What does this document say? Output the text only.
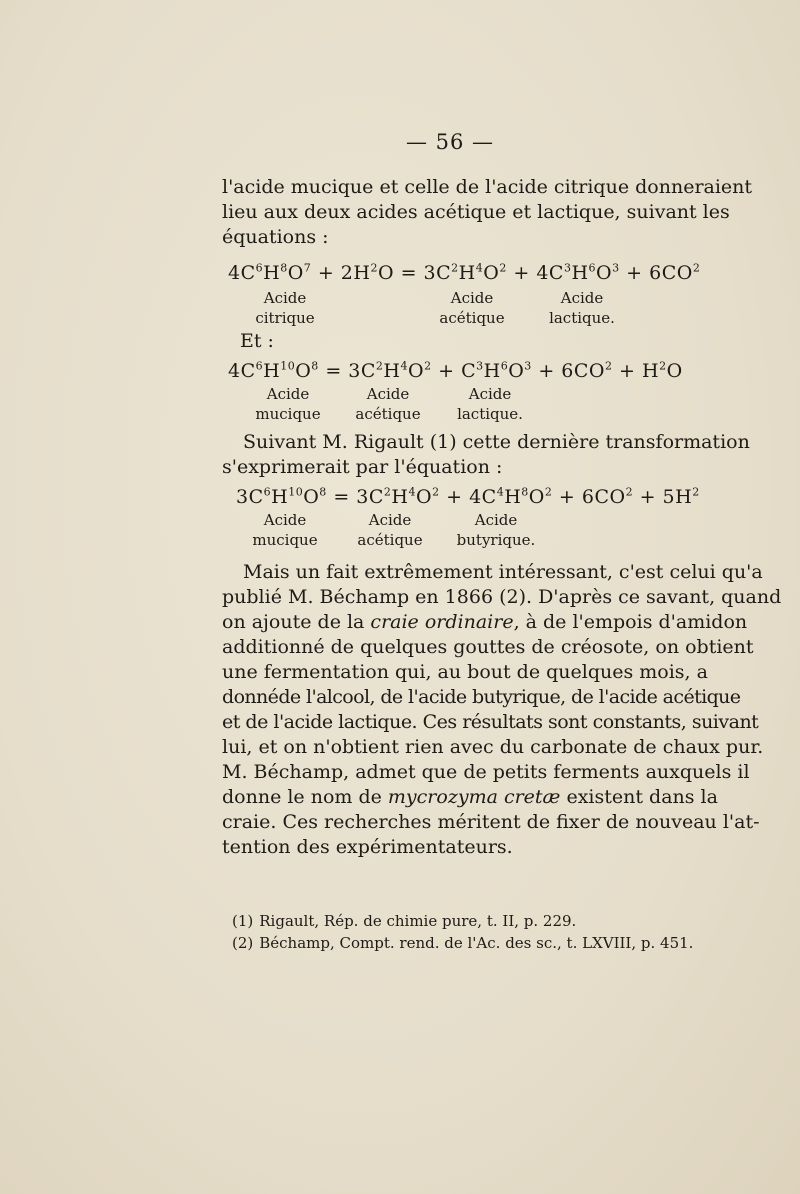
— 56 —

l'acide mucique et celle de l'acide citrique donneraient
lieu aux deux acides acétique et lactique, suivant les
équations :

$4C^6H^8O^7 + 2H^2O = 3C^2H^4O^2 + 4C^3H^6O^3 + 6CO^2$
Acide
citrique
Acide
acétique
Acide
lactique.
Et :
$4C^6H^{10}O^8 = 3C^2H^4O^2 + C^3H^6O^3 + 6CO^2 + H^2O$
Acide
mucique
Acide
acétique
Acide
lactique.

Suivant M. Rigault (1) cette dernière transformation

s'exprimerait par l'équation :

$3C^6H^{10}O^8 = 3C^2H^4O^2 + 4C^4H^8O^2 + 6CO^2 + 5H^2$
Acide
mucique
Acide
acétique
Acide
butyrique.

Mais un fait extrêmement intéressant, c'est celui qu'a

publié M. Béchamp en 1866 (2). D'après ce savant, quand
on ajoute de la craie ordinaire, à de l'empois d'amidon
additionné de quelques gouttes de créosote, on obtient
une fermentation qui, au bout de quelques mois, a
donnéde l'alcool, de l'acide butyrique, de l'acide acétique
et de l'acide lactique. Ces résultats sont constants, suivant
lui, et on n'obtient rien avec du carbonate de chaux pur.
M. Béchamp, admet que de petits ferments auxquels il
donne le nom de mycrozyma cretæ existent dans la
craie. Ces recherches méritent de fixer de nouveau l'at-
tention des expérimentateurs.

(1) Rigault, Rép. de chimie pure, t. II, p. 229.
(2) Béchamp, Compt. rend. de l'Ac. des sc., t. LXVIII, p. 451.
